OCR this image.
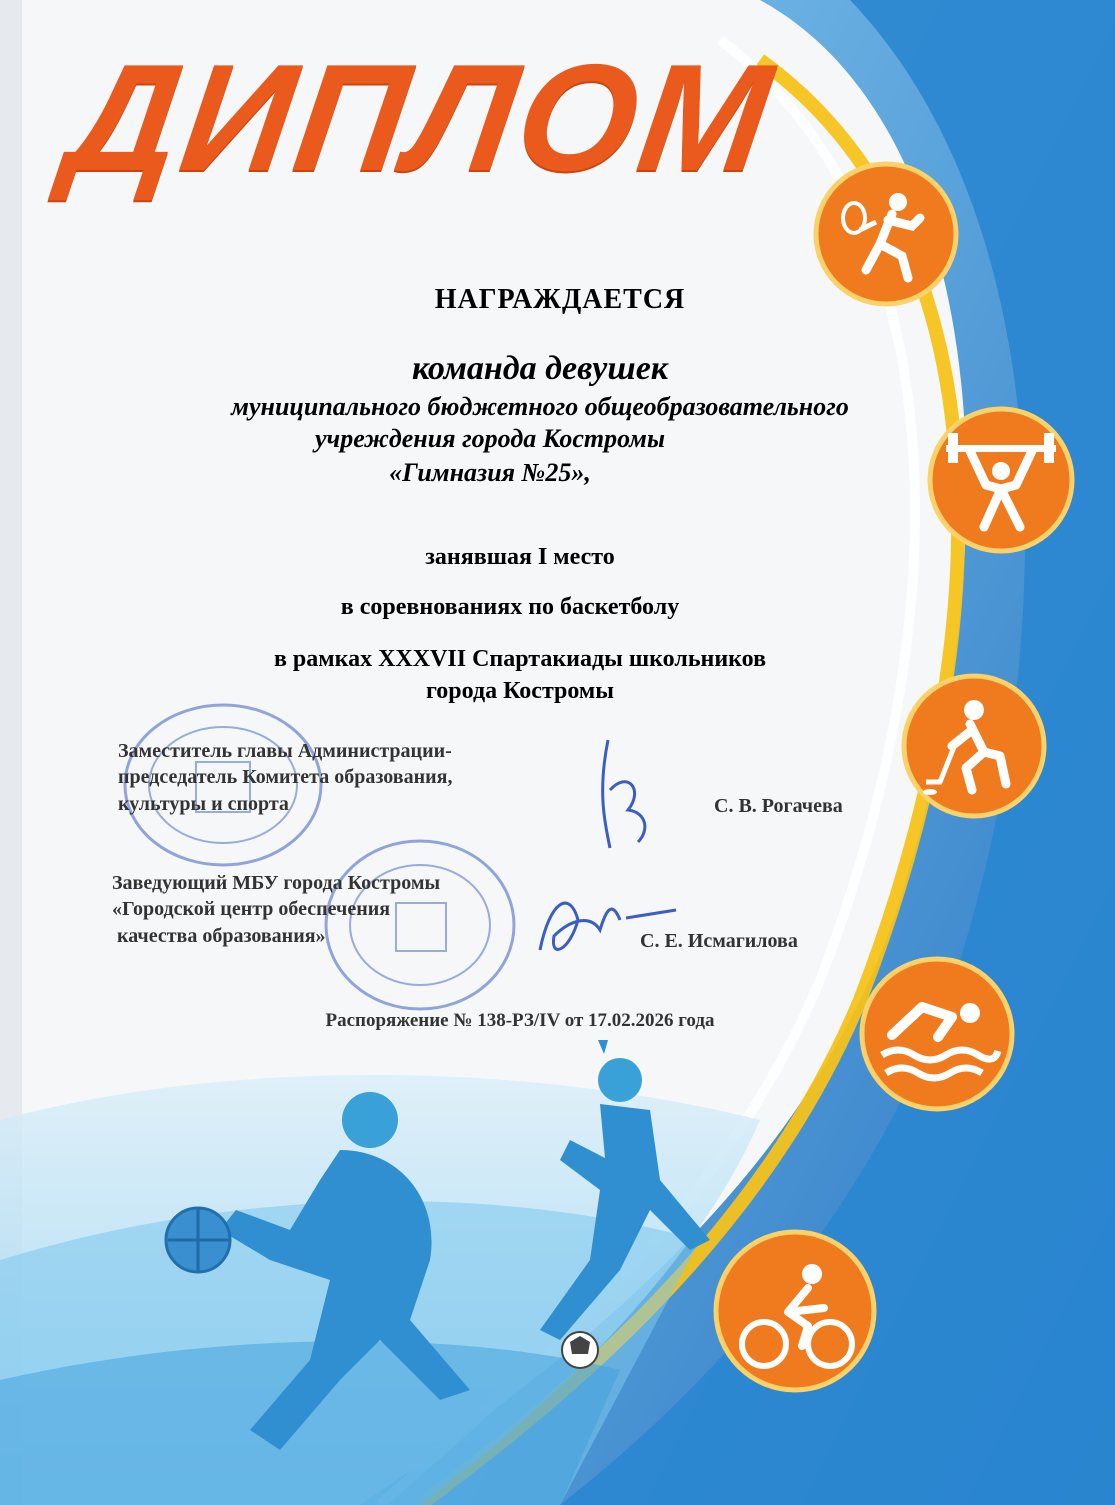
ДИПЛОМ
НАГРАЖДАЕТСЯ
команда девушек
муниципального бюджетного общеобразовательного
учреждения города Костромы
«Гимназия №25»,
занявшая I место
в соревнованиях по баскетболу
в рамках XXXVII Спартакиады школьников
города Костромы
Заместитель главы Администрации-
председатель Комитета образования,
культуры и спорта	С. В. Рогачева
Заведующий МБУ города Костромы
«Городской центр обеспечения
качества образования»	С. Е. Исмагилова
Распоряжение № 138-РЗ/IV от 17.02.2026 года
